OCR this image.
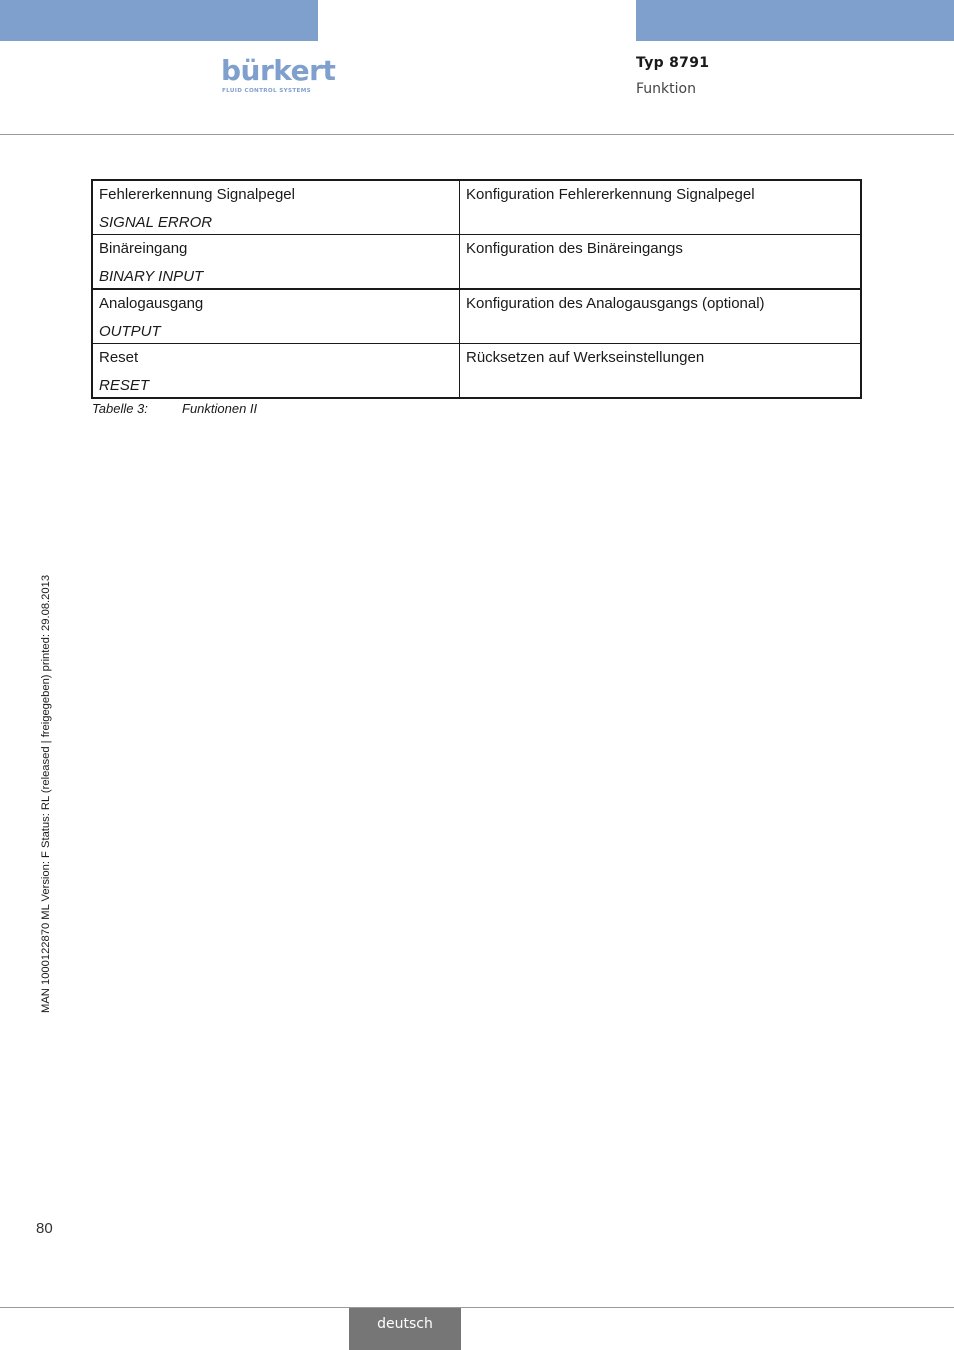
bürkert
FLUID CONTROL SYSTEMS
Typ 8791
Funktion
Fehlererkennung Signalpegel
SIGNAL ERROR	Konfiguration Fehlererkennung Signalpegel
Binäreingang
BINARY INPUT	Konfiguration des Binäreingangs
Analogausgang
OUTPUT	Konfiguration des Analogausgangs (optional)
Reset
RESET	Rücksetzen auf Werkseinstellungen
Tabelle 3:	Funktionen II
MAN 1000122870 ML Version: F Status: RL (released | freigegeben) printed: 29.08.2013
80
deutsch
